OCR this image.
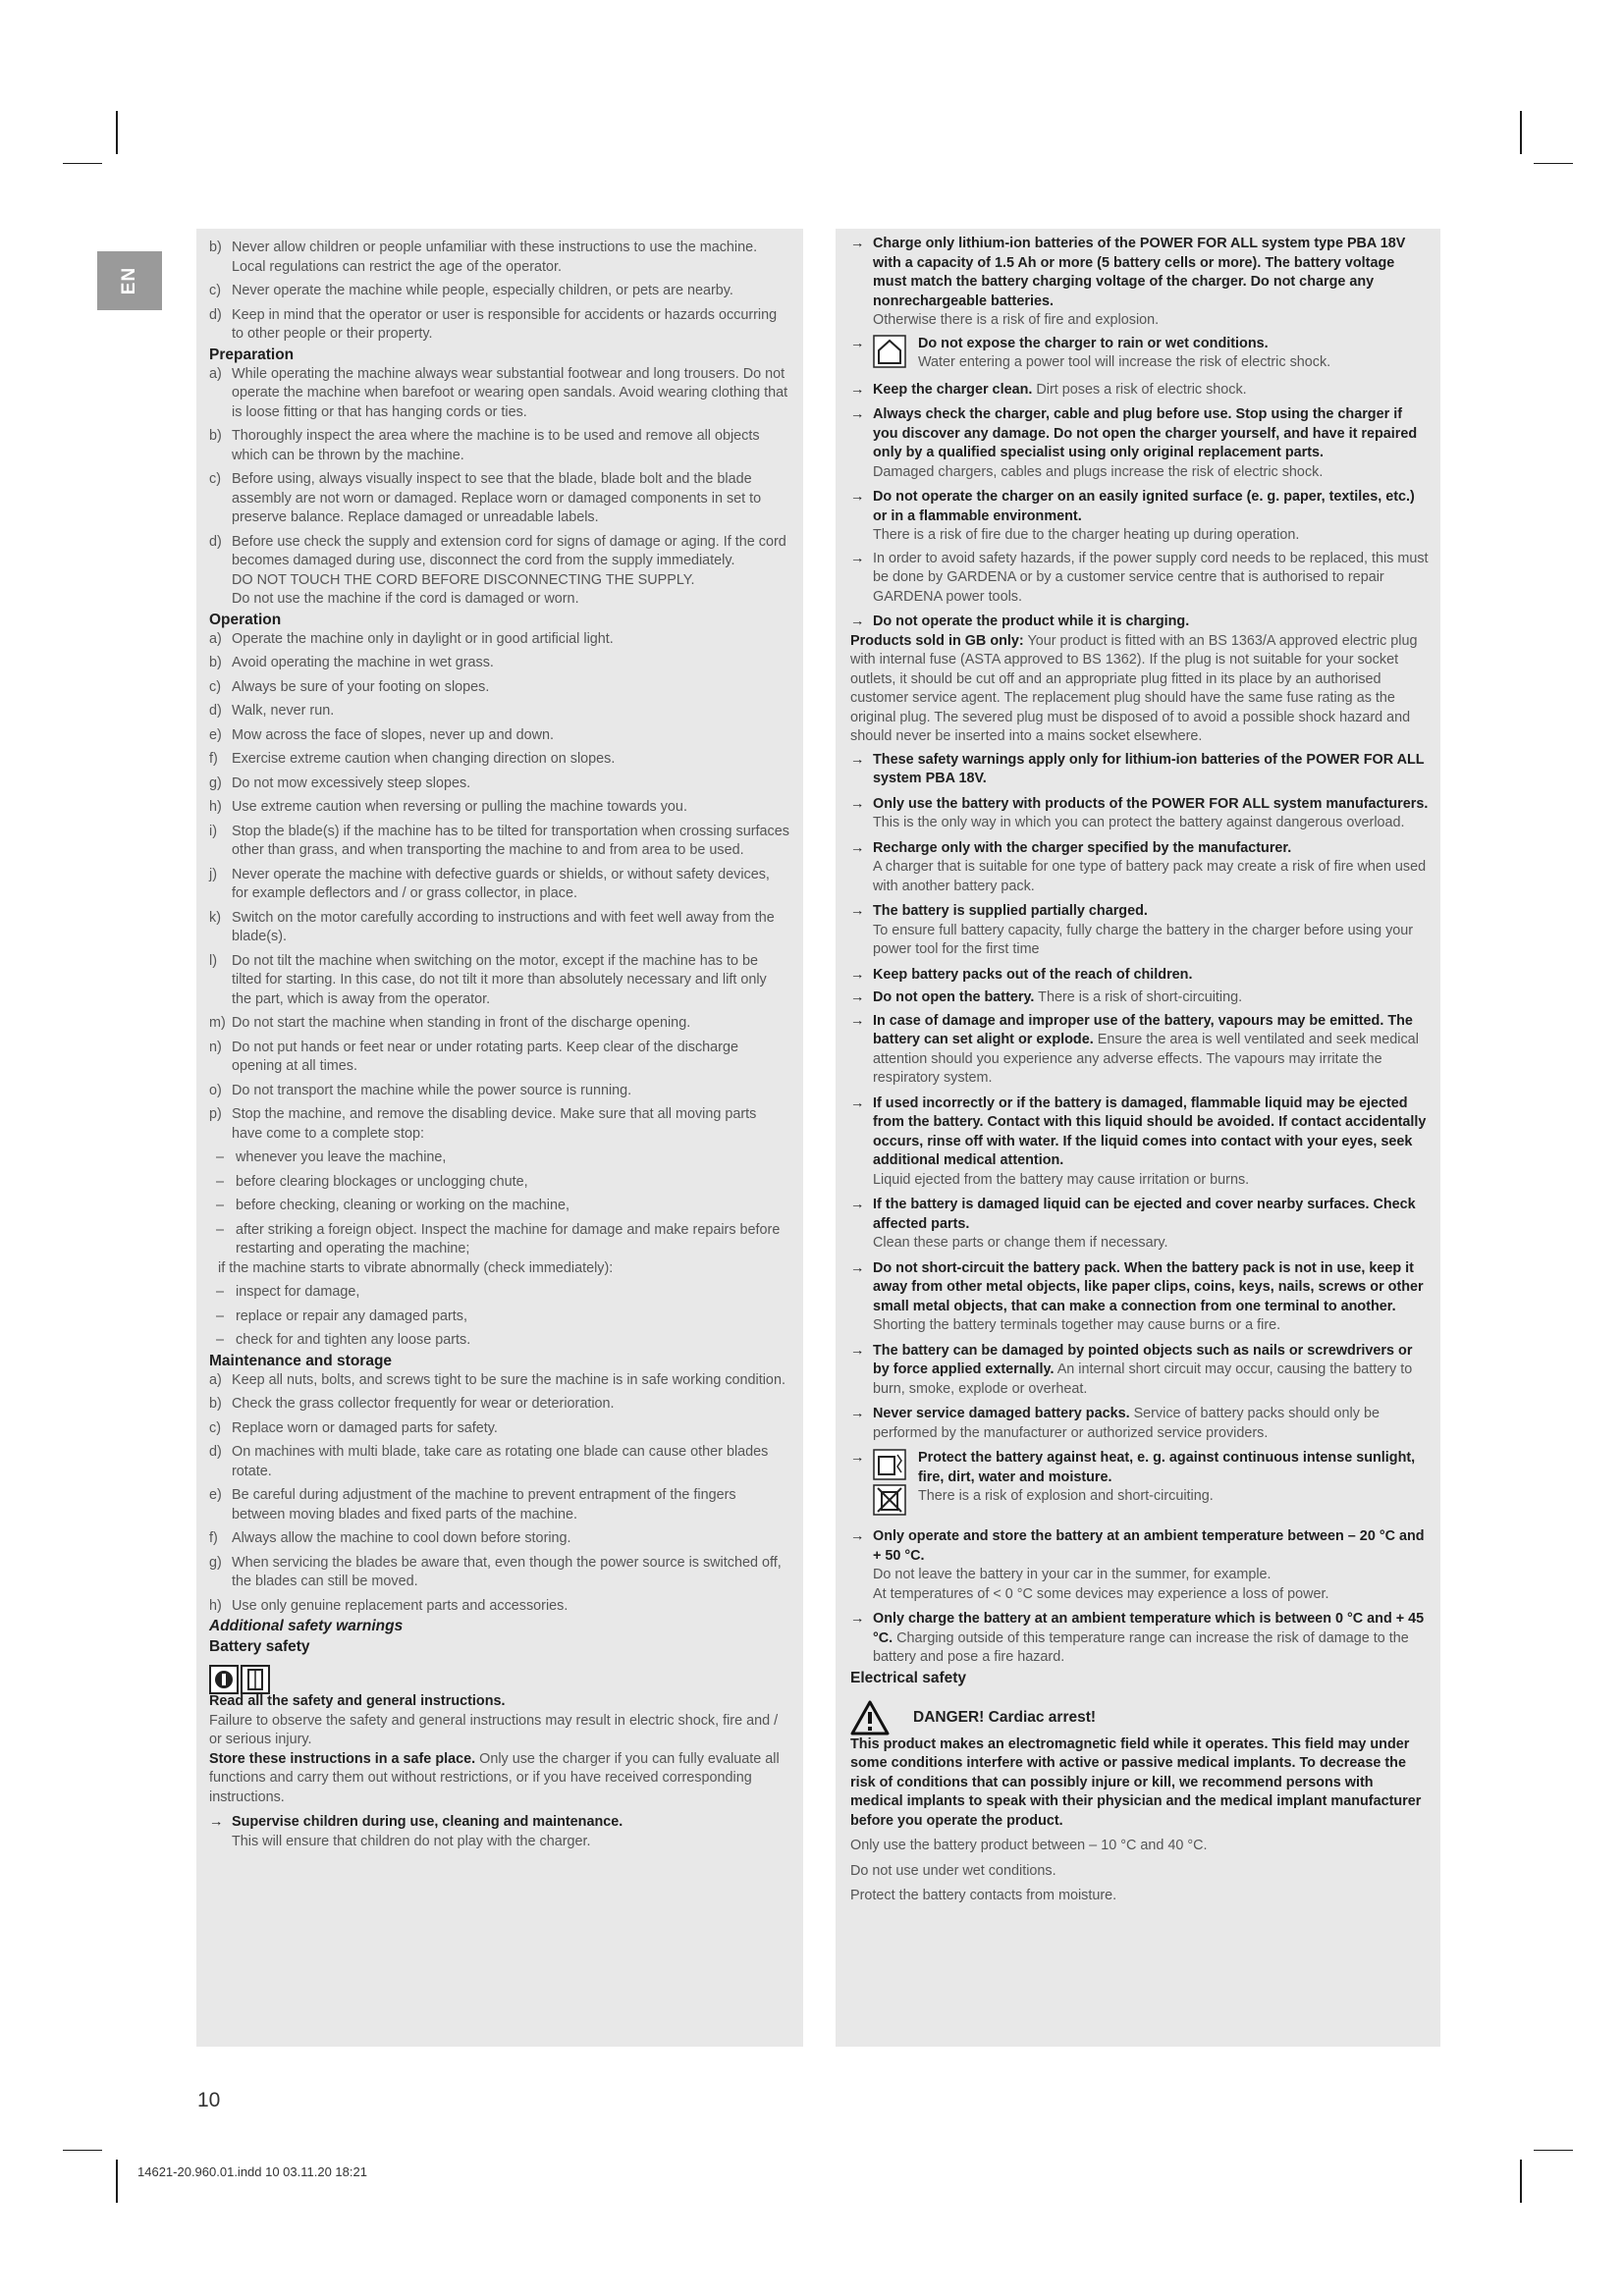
EN
b) Never allow children or people unfamiliar with these instructions to use the machine. Local regulations can restrict the age of the operator.
c) Never operate the machine while people, especially children, or pets are nearby.
d) Keep in mind that the operator or user is responsible for accidents or hazards occurring to other people or their property.

Preparation

a) While operating the machine always wear substantial footwear and long trousers. Do not operate the machine when barefoot or wearing open sandals. Avoid wearing clothing that is loose fitting or that has hanging cords or ties.
b) Thoroughly inspect the area where the machine is to be used and remove all objects which can be thrown by the machine.
c) Before using, always visually inspect to see that the blade, blade bolt and the blade assembly are not worn or damaged. Replace worn or damaged components in set to preserve balance. Replace damaged or unreadable labels.
d) Before use check the supply and extension cord for signs of damage or aging. If the cord becomes damaged during use, disconnect the cord from the supply immediately.

DO NOT TOUCH THE CORD BEFORE DISCONNECTING THE SUPPLY.

Do not use the machine if the cord is damaged or worn.

Operation

a) Operate the machine only in daylight or in good artificial light.
b) Avoid operating the machine in wet grass.
c) Always be sure of your footing on slopes.
d) Walk, never run.
e) Mow across the face of slopes, never up and down.
f) Exercise extreme caution when changing direction on slopes.
g) Do not mow excessively steep slopes.
h) Use extreme caution when reversing or pulling the machine towards you.
i)	Stop the blade(s) if the machine has to be tilted for transportation when crossing surfaces other than grass, and when transporting the machine to and from area to be used.
j)	Never operate the machine with defective guards or shields, or without safety devices, for example deflectors and / or grass collector, in place.
k) Switch on the motor carefully according to instructions and with feet well away from the blade(s).
l)	Do not tilt the machine when switching on the motor, except if the machine has to be tilted for starting. In this case, do not tilt it more than absolutely necessary and lift only the part, which is away from the operator.
m) Do not start the machine when standing in front of the discharge opening.
n) Do not put hands or feet near or under rotating parts. Keep clear of the discharge opening at all times.
o) Do not transport the machine while the power source is running.
p) Stop the machine, and remove the disabling device. Make sure that all moving parts have come to a complete stop:
– whenever you leave the machine,
– before clearing blockages or unclogging chute,
– before checking, cleaning or working on the machine,
– after striking a foreign object. Inspect the machine for damage and make repairs before restarting and operating the machine;

if the machine starts to vibrate abnormally (check immediately):

– inspect for damage,
– replace or repair any damaged parts,
– check for and tighten any loose parts.

Maintenance and storage

a) Keep all nuts, bolts, and screws tight to be sure the machine is in safe working condition.
b) Check the grass collector frequently for wear or deterioration.
c) Replace worn or damaged parts for safety.
d) On machines with multi blade, take care as rotating one blade can cause other blades rotate.
e) Be careful during adjustment of the machine to prevent entrapment of the fingers between moving blades and fixed parts of the machine.
f) Always allow the machine to cool down before storing.
g) When servicing the blades be aware that, even though the power source is switched off, the blades can still be moved.
h) Use only genuine replacement parts and accessories.

Additional safety warnings

Battery safety

Read all the safety and general instructions.

Failure to observe the safety and general instructions may result in electric shock, fire and / or serious injury.

Store these instructions in a safe place. Only use the charger if you can fully evaluate all functions and carry them out without restrictions, or if you have received corresponding instructions.

→ Supervise children during use, cleaning and maintenance.

This will ensure that children do not play with the charger.

→ Charge only lithium-ion batteries of the POWER FOR ALL system type PBA 18V with a capacity of 1.5 Ah or more (5 battery cells or more). The battery voltage must match the battery charging voltage of the charger. Do not charge any nonrechargeable batteries.

Otherwise there is a risk of fire and explosion.

→	Do not expose the charger to rain or wet conditions.

Water entering a power tool will increase the risk of electric shock.

→ Keep the charger clean. Dirt poses a risk of electric shock.
→ Always check the charger, cable and plug before use. Stop using the charger if you discover any damage. Do not open the charger yourself, and have it repaired only by a qualified specialist using only original replacement parts.

Damaged chargers, cables and plugs increase the risk of electric shock.

→ Do not operate the charger on an easily ignited surface (e. g. paper, textiles, etc.) or in a flammable environment.

There is a risk of fire due to the charger heating up during operation.

→ In order to avoid safety hazards, if the power supply cord needs to be replaced, this must be done by GARDENA or by a customer service centre that is authorised to repair GARDENA power tools.

→ Do not operate the product while it is charging.

Products sold in GB only: Your product is fitted with an BS 1363/A approved electric plug with internal fuse (ASTA approved to BS 1362). If the plug is not suitable for your socket outlets, it should be cut off and an appropriate plug fitted in its place by an authorised customer service agent. The replacement plug should have the same fuse rating as the original plug. The severed plug must be disposed of to avoid a possible shock hazard and should never be inserted into a mains socket elsewhere.

→ These safety warnings apply only for lithium-ion batteries of the POWER FOR ALL system PBA 18V.

→ Only use the battery with products of the POWER FOR ALL system manufacturers. This is the only way in which you can protect the battery against dangerous overload.
→ Recharge only with the charger specified by the manufacturer.

A charger that is suitable for one type of battery pack may create a risk of fire when used with another battery pack.

→ The battery is supplied partially charged.

To ensure full battery capacity, fully charge the battery in the charger before using your power tool for the first time

→ Keep battery packs out of the reach of children.

→ Do not open the battery. There is a risk of short-circuiting.
→ In case of damage and improper use of the battery, vapours may be emitted. The battery can set alight or explode. Ensure the area is well ventilated and seek medical attention should you experience any adverse effects. The vapours may irritate the respiratory system.
→ If used incorrectly or if the battery is damaged, flammable liquid may be ejected from the battery. Contact with this liquid should be avoided. If contact accidentally occurs, rinse off with water. If the liquid comes into contact with your eyes, seek additional medical attention.

Liquid ejected from the battery may cause irritation or burns.

→ If the battery is damaged liquid can be ejected and cover nearby surfaces. Check affected parts.

Clean these parts or change them if necessary.

→ Do not short-circuit the battery pack. When the battery pack is not in use, keep it away from other metal objects, like paper clips, coins, keys, nails, screws or other small metal objects, that can make a connection from one terminal to another.

Shorting the battery terminals together may cause burns or a fire.

→ The battery can be damaged by pointed objects such as nails or screwdrivers or by force applied externally. An internal short circuit may occur, causing the battery to burn, smoke, explode or overheat.
→ Never service damaged battery packs. Service of battery packs should only be performed by the manufacturer or authorized service providers.
→	Protect the battery against heat, e. g. against continuous intense sunlight, fire, dirt, water and moisture.

There is a risk of explosion and short-circuiting.

→ Only operate and store the battery at an ambient temperature between – 20 °C and + 50 °C.

Do not leave the battery in your car in the summer, for example.

At temperatures of < 0 °C some devices may experience a loss of power.

→ Only charge the battery at an ambient temperature which is between 0 °C and + 45 °C. Charging outside of this temperature range can increase the risk of damage to the battery and pose a fire hazard.

Electrical safety

DANGER! Cardiac arrest!

This product makes an electromagnetic field while it operates. This field may under some conditions interfere with active or passive medical implants. To decrease the risk of conditions that can possibly injure or kill, we recommend persons with medical implants to speak with their physician and the medical implant manufacturer before you operate the product.

Only use the battery product between – 10 °C and 40 °C.

Do not use under wet conditions.

Protect the battery contacts from moisture.

10
14621-20.960.01.indd 10 03.11.20 18:21
